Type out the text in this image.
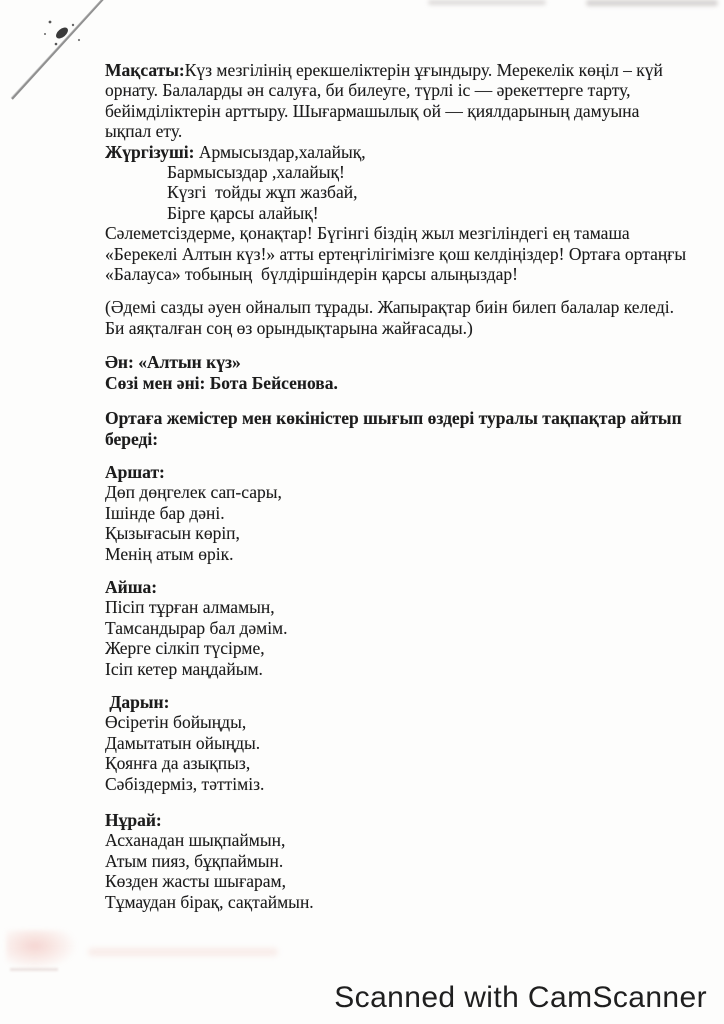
Мақсаты:Күз мезгілінің ерекшеліктерін ұғындыру. Мерекелік көңіл – күй
орнату. Балаларды ән салуға, би билеуге, түрлі іс — әрекеттерге тарту,
бейімділіктерін арттыру. Шығармашылық ой — қиялдарының дамуына
ықпал ету.
Жүргізуші: Армысыздар,халайық,
Бармысыздар ,халайық!
Күзгі  тойды жұп жазбай,
Бірге қарсы алайық!
Сәлеметсіздерме, қонақтар! Бүгінгі біздің жыл мезгіліндегі ең тамаша
«Берекелі Алтын күз!» атты ертеңгілігімізге қош келдіңіздер! Ортаға ортаңғы
«Балауса» тобының  бүлдіршіндерін қарсы алыңыздар!
(Әдемі сазды әуен ойналып тұрады. Жапырақтар биін билеп балалар келеді.
Би аяқталған соң өз орындықтарына жайғасады.)
Ән: «Алтын күз»
Сөзі мен әні: Бота Бейсенова.
Ортаға жемістер мен көкіністер шығып өздері туралы тақпақтар айтып
береді:
Аршат:
Дөп дөңгелек сап-сары,
Ішінде бар дәні.
Қызығасын көріп,
Менің атым өрік.
Айша:
Пісіп тұрған алмамын,
Тамсандырар бал дәмім.
Жерге сілкіп түсірме,
Ісіп кетер маңдайым.
Дарын:
Өсіретін бойыңды,
Дамытатын ойыңды.
Қоянға да азықпыз,
Сәбіздерміз, тәттіміз.
Нұрай:
Асханадан шықпаймын,
Атым пияз, бұқпаймын.
Көзден жасты шығарам,
Тұмаудан бірақ, сақтаймын.
Scanned with CamScanner
